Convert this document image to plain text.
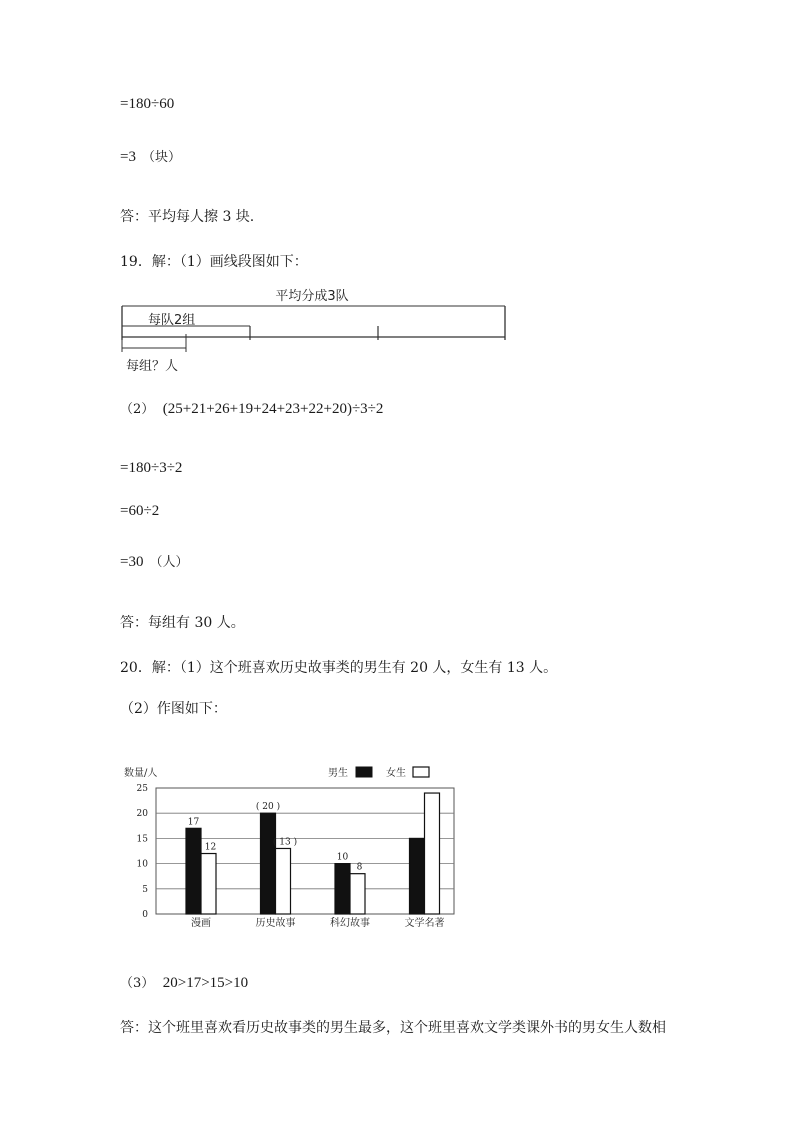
=180÷60
=3 （块）
答：平均每人擦 3 块.
19．解：（1）画线段图如下：
平均分成3队
每队2组
每组？人
（2） (25+21+26+19+24+23+22+20)÷3÷2
=180÷3÷2
=60÷2
=30 （人）
答：每组有 30 人。
20．解：（1）这个班喜欢历史故事类的男生有 20 人，女生有 13 人。
（2）作图如下：
数量/人	男生	女生
0
5
10
15
20
25
17
12
漫画
( 20 )
( 13 )
历史故事
10
8
科幻故事	文学名著
（3） 20>17>15>10
答：这个班里喜欢看历史故事类的男生最多，这个班里喜欢文学类课外书的男女生人数相
